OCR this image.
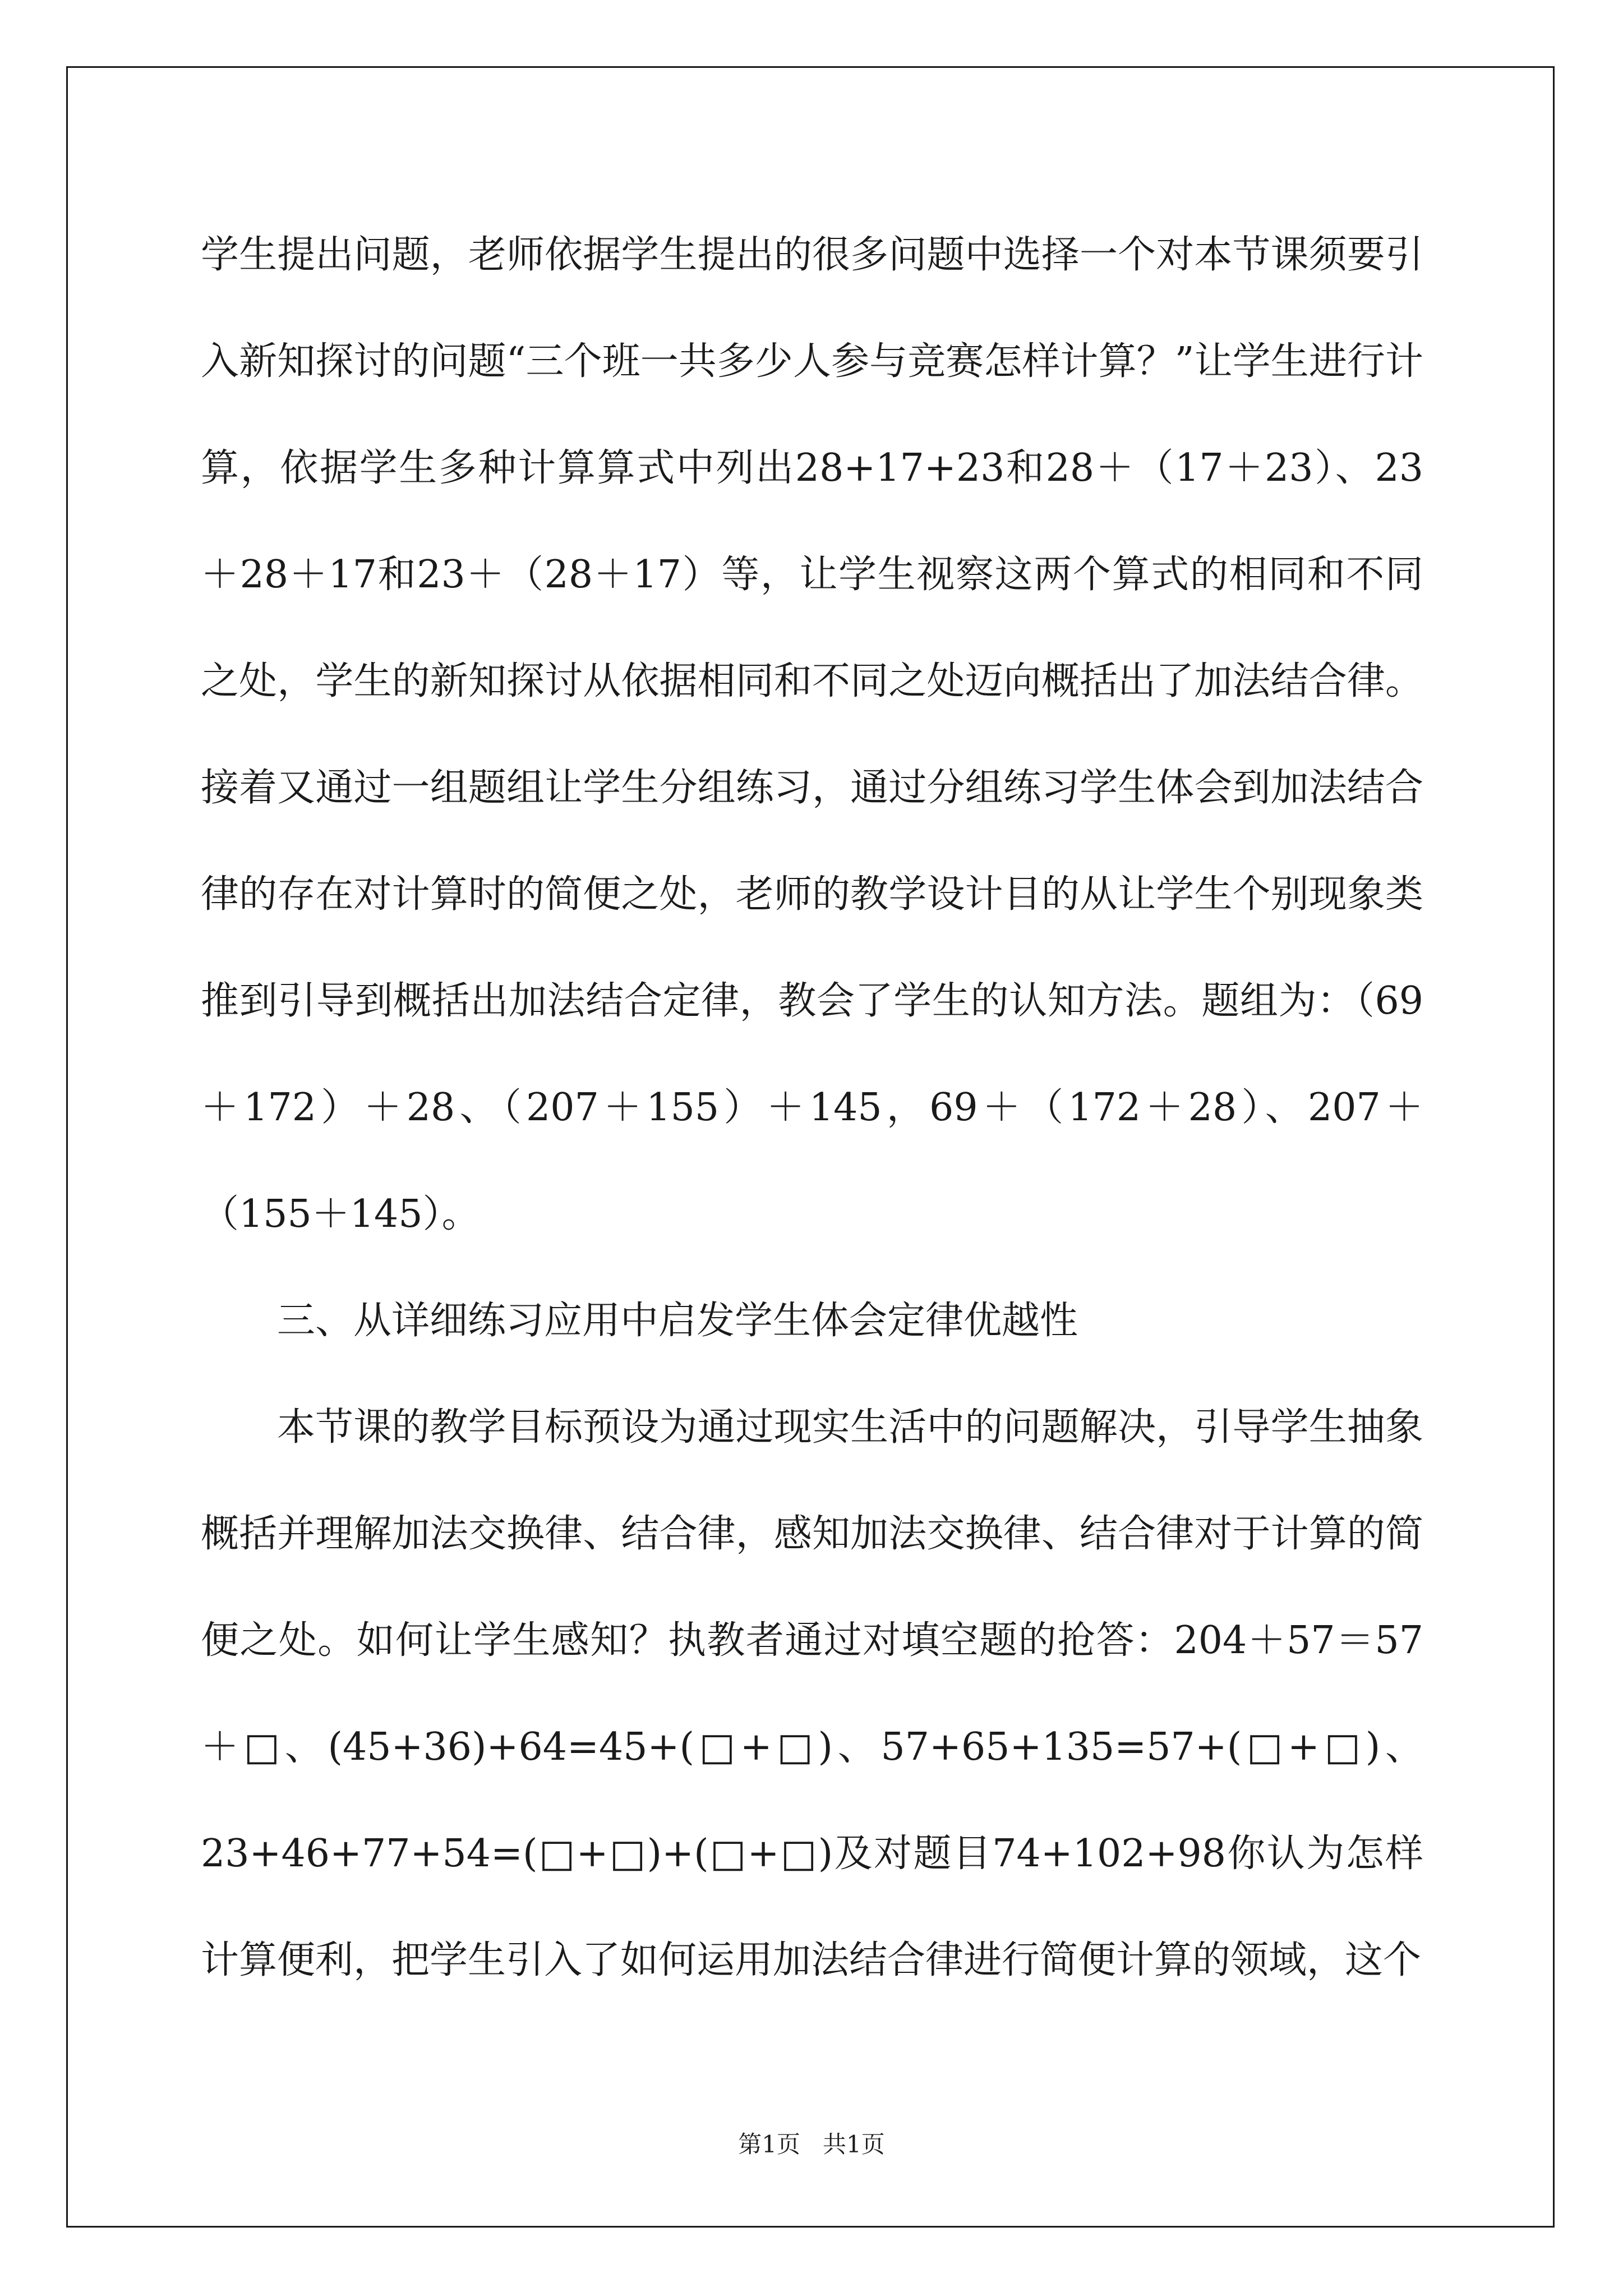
学生提出问题，老师依据学生提出的很多问题中选择一个对本节课须要引入新知探讨的问题“三个班一共多少人参与竞赛怎样计算？”让学生进行计算，依据学生多种计算算式中列出28+17+23和28＋（17＋23）、23＋28＋17和23＋（28＋17）等，让学生视察这两个算式的相同和不同之处，学生的新知探讨从依据相同和不同之处迈向概括出了加法结合律。接着又通过一组题组让学生分组练习，通过分组练习学生体会到加法结合律的存在对计算时的简便之处，老师的教学设计目的从让学生个别现象类推到引导到概括出加法结合定律，教会了学生的认知方法。题组为：（69＋172）＋28、（207＋155）＋145，69＋（172＋28）、207＋（155＋145）。

三、从详细练习应用中启发学生体会定律优越性

本节课的教学目标预设为通过现实生活中的问题解决，引导学生抽象概括并理解加法交换律、结合律，感知加法交换律、结合律对于计算的简便之处。如何让学生感知？执教者通过对填空题的抢答：204＋57＝57＋□、(45+36)+64=45+(□+□)、57+65+135=57+(□+□)、23+46+77+54=(□+□)+(□+□)及对题目74+102+98你认为怎样计算便利，把学生引入了如何运用加法结合律进行简便计算的领域，这个

第1页 共1页
